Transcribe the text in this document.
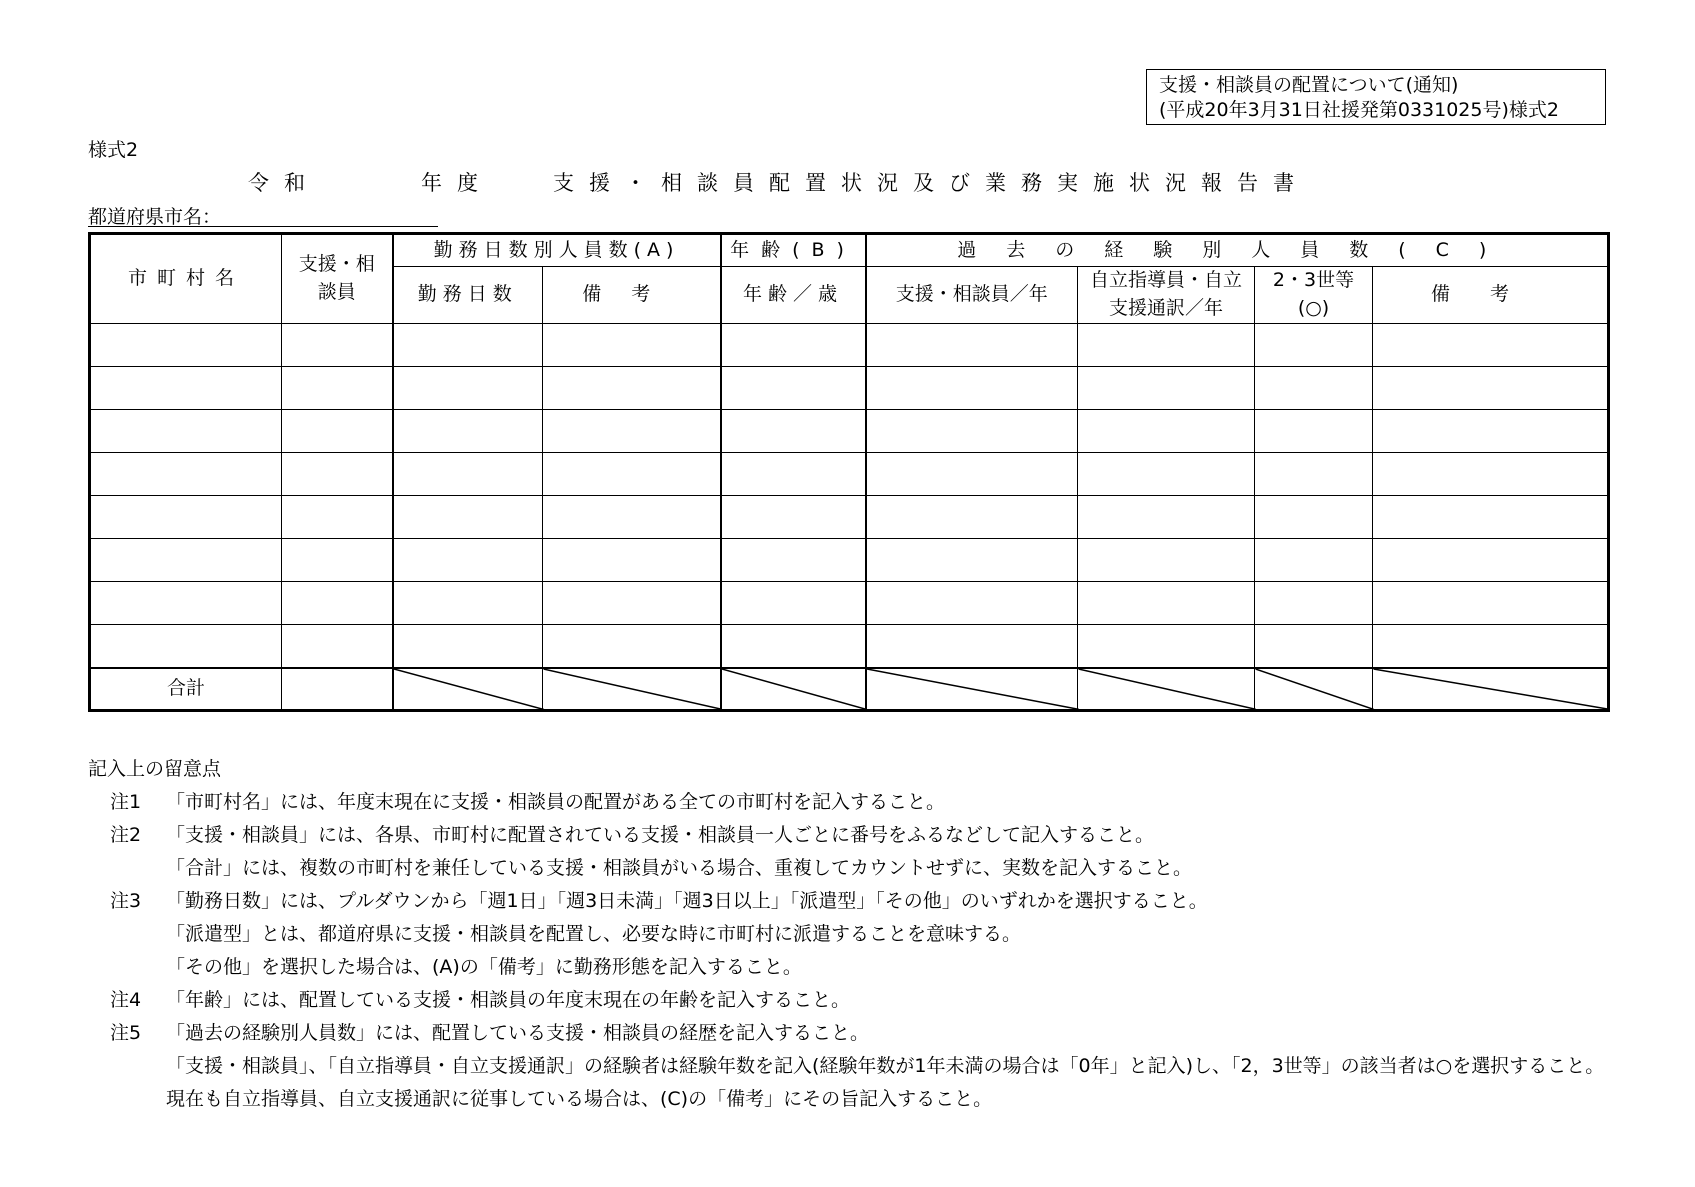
支援・相談員の配置について(通知)
(平成20年3月31日社援発第0331025号)様式2
様式2
令和	年度	支援・相談員配置状況及び業務実施状況報告書
都道府県市名：
市町村名	支援・相談員	勤務日数別人員数(A)		年齢(B)	過去の経験別人員数(C)			
		勤務日数	備考	年齢／歳	支援・相談員／年	自立指導員・自立支援通訳／年	2・3世等(○)	備考

合計								
記入上の留意点
注1 「市町村名」には、年度末現在に支援・相談員の配置がある全ての市町村を記入すること。
注2 「支援・相談員」には、各県、市町村に配置されている支援・相談員一人ごとに番号をふるなどして記入すること。
「合計」には、複数の市町村を兼任している支援・相談員がいる場合、重複してカウントせずに、実数を記入すること。
注3 「勤務日数」には、プルダウンから「週1日」「週3日未満」「週3日以上」「派遣型」「その他」のいずれかを選択すること。
「派遣型」とは、都道府県に支援・相談員を配置し、必要な時に市町村に派遣することを意味する。
「その他」を選択した場合は、(A)の「備考」に勤務形態を記入すること。
注4 「年齢」には、配置している支援・相談員の年度末現在の年齢を記入すること。
注5 「過去の経験別人員数」には、配置している支援・相談員の経歴を記入すること。
「支援・相談員」、「自立指導員・自立支援通訳」の経験者は経験年数を記入(経験年数が1年未満の場合は「0年」と記入)し、「2，3世等」の該当者は○を選択すること。
現在も自立指導員、自立支援通訳に従事している場合は、(C)の「備考」にその旨記入すること。
